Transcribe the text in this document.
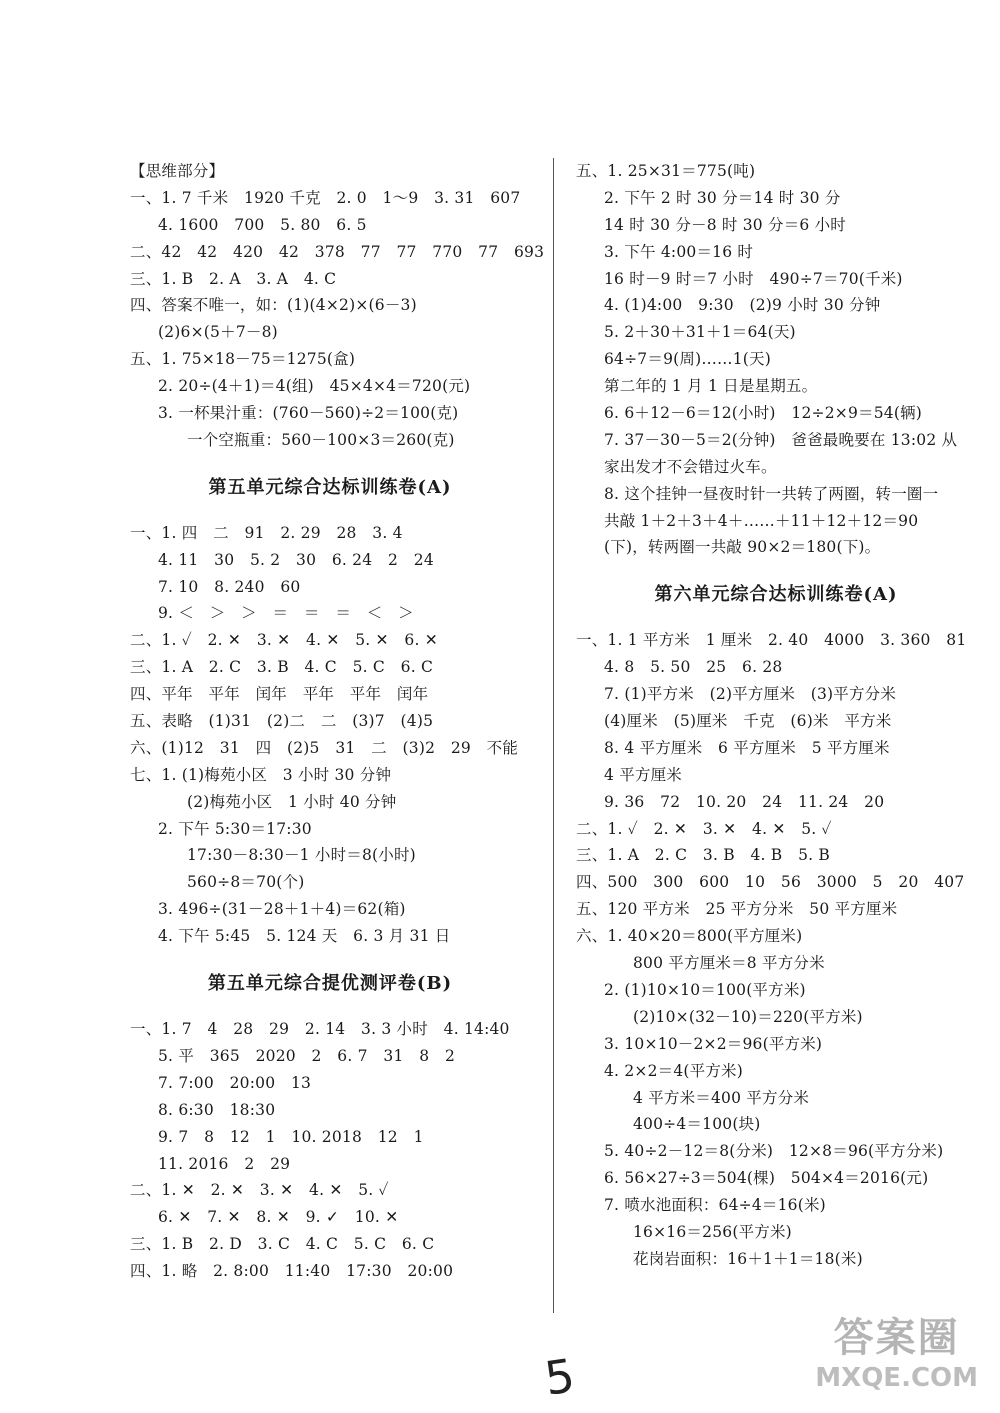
【思维部分】
一、1. 7 千米　1920 千克　2. 0　1～9　3. 31　607
4. 1600　700　5. 80　6. 5
二、42　42　420　42　378　77　77　770　77　693
三、1. B　2. A　3. A　4. C
四、答案不唯一，如：(1)(4×2)×(6－3)
(2)6×(5＋7－8)
五、1. 75×18－75＝1275(盒)
2. 20÷(4＋1)＝4(组)　45×4×4＝720(元)
3. 一杯果汁重：(760－560)÷2＝100(克)
一个空瓶重：560－100×3＝260(克)
第五单元综合达标训练卷(A)
一、1. 四　二　91　2. 29　28　3. 4
4. 11　30　5. 2　30　6. 24　2　24
7. 10　8. 240　60
9. ＜　＞　＞　＝　＝　＝　＜　＞
二、1. ✓　2. ✕　3. ✕　4. ✕　5. ✕　6. ✕
三、1. A　2. C　3. B　4. C　5. C　6. C
四、平年　平年　闰年　平年　平年　闰年
五、表略　(1)31　(2)二　二　(3)7　(4)5
六、(1)12　31　四　(2)5　31　二　(3)2　29　不能
七、1. (1)梅苑小区　3 小时 30 分钟
(2)梅苑小区　1 小时 40 分钟
2. 下午 5:30＝17:30
17:30－8:30－1 小时＝8(小时)
560÷8＝70(个)
3. 496÷(31－28＋1＋4)＝62(箱)
4. 下午 5:45　5. 124 天　6. 3 月 31 日
第五单元综合提优测评卷(B)
一、1. 7　4　28　29　2. 14　3. 3 小时　4. 14:40
5. 平　365　2020　2　6. 7　31　8　2
7. 7:00　20:00　13
8. 6:30　18:30
9. 7　8　12　1　10. 2018　12　1
11. 2016　2　29
二、1. ✕　2. ✕　3. ✕　4. ✕　5. ✓
6. ✕　7. ✕　8. ✕　9. ✓　10. ✕
三、1. B　2. D　3. C　4. C　5. C　6. C
四、1. 略　2. 8:00　11:40　17:30　20:00
五、1. 25×31＝775(吨)
2. 下午 2 时 30 分＝14 时 30 分
14 时 30 分－8 时 30 分＝6 小时
3. 下午 4:00＝16 时
16 时－9 时＝7 小时　490÷7＝70(千米)
4. (1)4:00　9:30　(2)9 小时 30 分钟
5. 2＋30＋31＋1＝64(天)
64÷7＝9(周)……1(天)
第二年的 1 月 1 日是星期五。
6. 6＋12－6＝12(小时)　12÷2×9＝54(辆)
7. 37－30－5＝2(分钟)　爸爸最晚要在 13:02 从
家出发才不会错过火车。
8. 这个挂钟一昼夜时针一共转了两圈，转一圈一
共敲 1＋2＋3＋4＋……＋11＋12＋12＝90
(下)，转两圈一共敲 90×2＝180(下)。
第六单元综合达标训练卷(A)
一、1. 1 平方米　1 厘米　2. 40　4000　3. 360　81
4. 8　5. 50　25　6. 28
7. (1)平方米　(2)平方厘米　(3)平方分米
(4)厘米　(5)厘米　千克　(6)米　平方米
8. 4 平方厘米　6 平方厘米　5 平方厘米
4 平方厘米
9. 36　72　10. 20　24　11. 24　20
二、1. ✓　2. ✕　3. ✕　4. ✕　5. ✓
三、1. A　2. C　3. B　4. B　5. B
四、500　300　600　10　56　3000　5　20　407
五、120 平方米　25 平方分米　50 平方厘米
六、1. 40×20＝800(平方厘米)
800 平方厘米＝8 平方分米
2. (1)10×10＝100(平方米)
(2)10×(32－10)＝220(平方米)
3. 10×10－2×2＝96(平方米)
4. 2×2＝4(平方米)
4 平方米＝400 平方分米
400÷4＝100(块)
5. 40÷2－12＝8(分米)　12×8＝96(平方分米)
6. 56×27÷3＝504(棵)　504×4＝2016(元)
7. 喷水池面积：64÷4＝16(米)
16×16＝256(平方米)
花岗岩面积：16＋1＋1＝18(米)
5
答案圈
MXQE.COM
